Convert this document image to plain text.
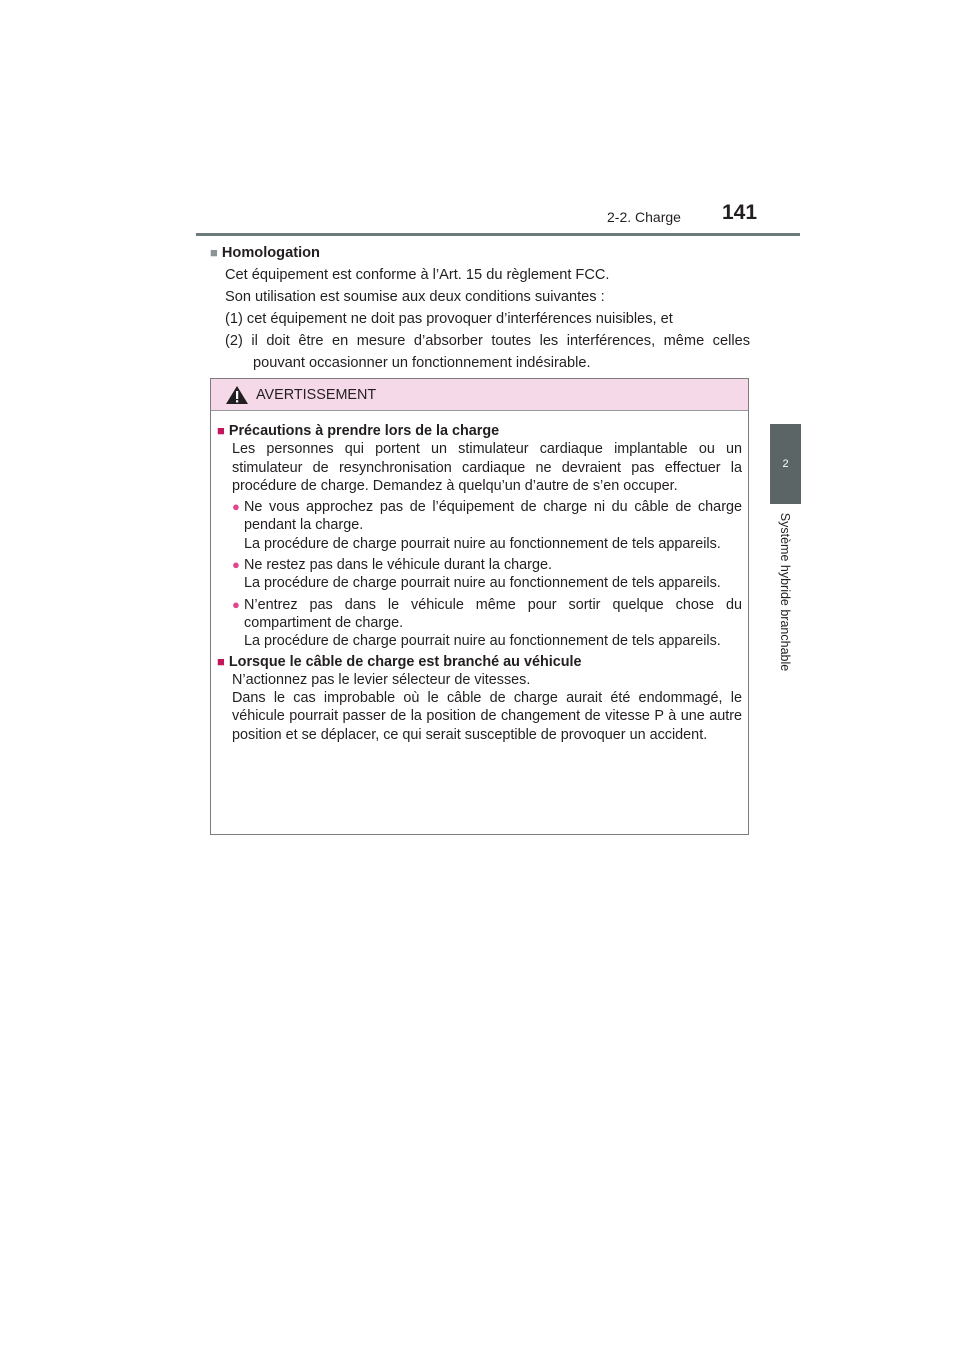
2-2. Charge 141
2
Système hybride branchable
■ Homologation
Cet équipement est conforme à l’Art. 15 du règlement FCC.
Son utilisation est soumise aux deux conditions suivantes :
(1) cet équipement ne doit pas provoquer d’interférences nuisibles, et
(2) il doit être en mesure d’absorber toutes les interférences, même celles pouvant occasionner un fonctionnement indésirable.
AVERTISSEMENT
■ Précautions à prendre lors de la charge
Les personnes qui portent un stimulateur cardiaque implantable ou un stimulateur de resynchronisation cardiaque ne devraient pas effectuer la procédure de charge. Demandez à quelqu’un d’autre de s’en occuper.
● Ne vous approchez pas de l’équipement de charge ni du câble de charge pendant la charge.
La procédure de charge pourrait nuire au fonctionnement de tels appareils.
● Ne restez pas dans le véhicule durant la charge.
La procédure de charge pourrait nuire au fonctionnement de tels appareils.
● N’entrez pas dans le véhicule même pour sortir quelque chose du compartiment de charge.
La procédure de charge pourrait nuire au fonctionnement de tels appareils.
■ Lorsque le câble de charge est branché au véhicule
N’actionnez pas le levier sélecteur de vitesses.
Dans le cas improbable où le câble de charge aurait été endommagé, le véhicule pourrait passer de la position de changement de vitesse P à une autre position et se déplacer, ce qui serait susceptible de provoquer un accident.
